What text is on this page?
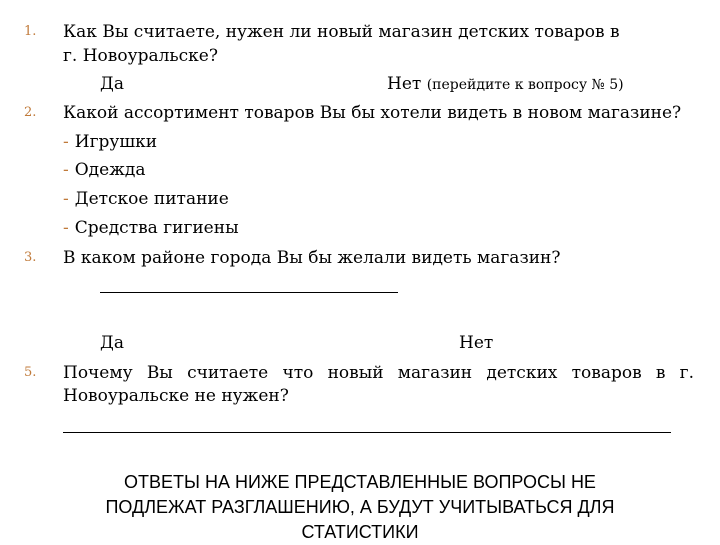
1. Как Вы считаете, нужен ли новый магазин детских товаров в
г. Новоуральске?
Да	Нет (перейдите к вопросу № 5)
2. Какой ассортимент товаров Вы бы хотели видеть в новом магазине?
- Игрушки
- Одежда
- Детское питание
- Средства гигиены
3. В каком районе города Вы бы желали видеть магазин?
Да	Нет
5. Почему Вы считаете что новый магазин детских товаров в г.
Новоуральске не нужен?
ОТВЕТЫ НА НИЖЕ ПРЕДСТАВЛЕННЫЕ ВОПРОСЫ НЕ
ПОДЛЕЖАТ РАЗГЛАШЕНИЮ, А БУДУТ УЧИТЫВАТЬСЯ ДЛЯ
СТАТИСТИКИ
